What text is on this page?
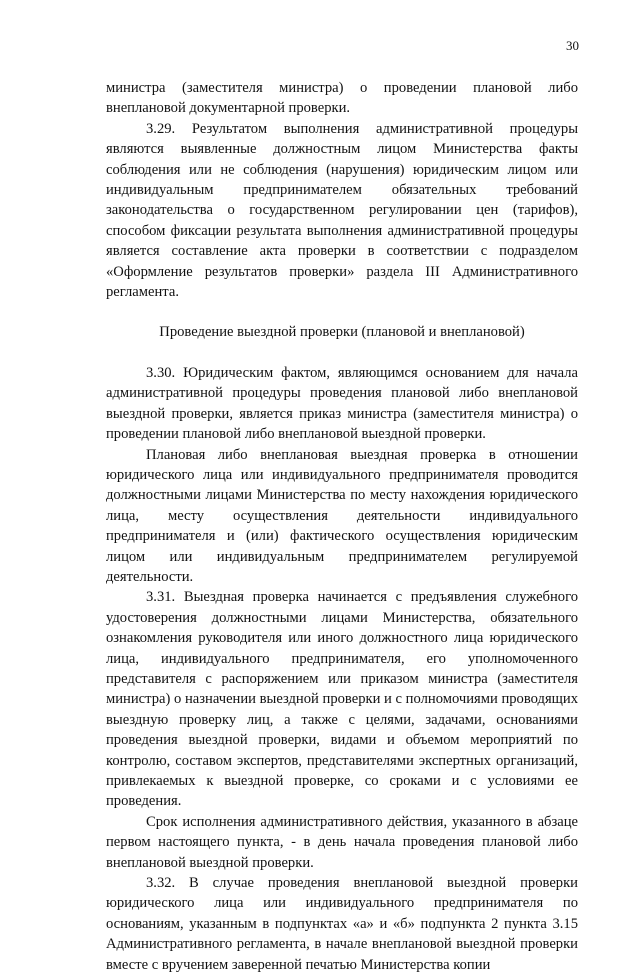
30

министра (заместителя министра) о проведении плановой либо внеплановой документарной проверки.

3.29. Результатом выполнения административной процедуры являются выявленные должностным лицом Министерства факты соблюдения или не соблюдения (нарушения) юридическим лицом или индивидуальным предпринимателем обязательных требований законодательства о государственном регулировании цен (тарифов), способом фиксации результата выполнения административной процедуры является составление акта проверки в соответствии с подразделом «Оформление результатов проверки» раздела III Административного регламента.

Проведение выездной проверки (плановой и внеплановой)

3.30. Юридическим фактом, являющимся основанием для начала административной процедуры проведения плановой либо внеплановой выездной проверки, является приказ министра (заместителя министра) о проведении плановой либо внеплановой выездной проверки.

Плановая либо внеплановая выездная проверка в отношении юридического лица или индивидуального предпринимателя проводится должностными лицами Министерства по месту нахождения юридического лица, месту осуществления деятельности индивидуального предпринимателя и (или) фактического осуществления юридическим лицом или индивидуальным предпринимателем регулируемой деятельности.

3.31. Выездная проверка начинается с предъявления служебного удостоверения должностными лицами Министерства, обязательного ознакомления руководителя или иного должностного лица юридического лица, индивидуального предпринимателя, его уполномоченного представителя с распоряжением или приказом министра (заместителя министра) о назначении выездной проверки и с полномочиями проводящих выездную проверку лиц, а также с целями, задачами, основаниями проведения выездной проверки, видами и объемом мероприятий по контролю, составом экспертов, представителями экспертных организаций, привлекаемых к выездной проверке, со сроками и с условиями ее проведения.

Срок исполнения административного действия, указанного в абзаце первом настоящего пункта, - в день начала проведения плановой либо внеплановой выездной проверки.

3.32. В случае проведения внеплановой выездной проверки юридического лица или индивидуального предпринимателя по основаниям, указанным в подпунктах «а» и «б» подпункта 2 пункта 3.15 Административного регламента, в начале внеплановой выездной проверки вместе с вручением заверенной печатью Министерства копии
